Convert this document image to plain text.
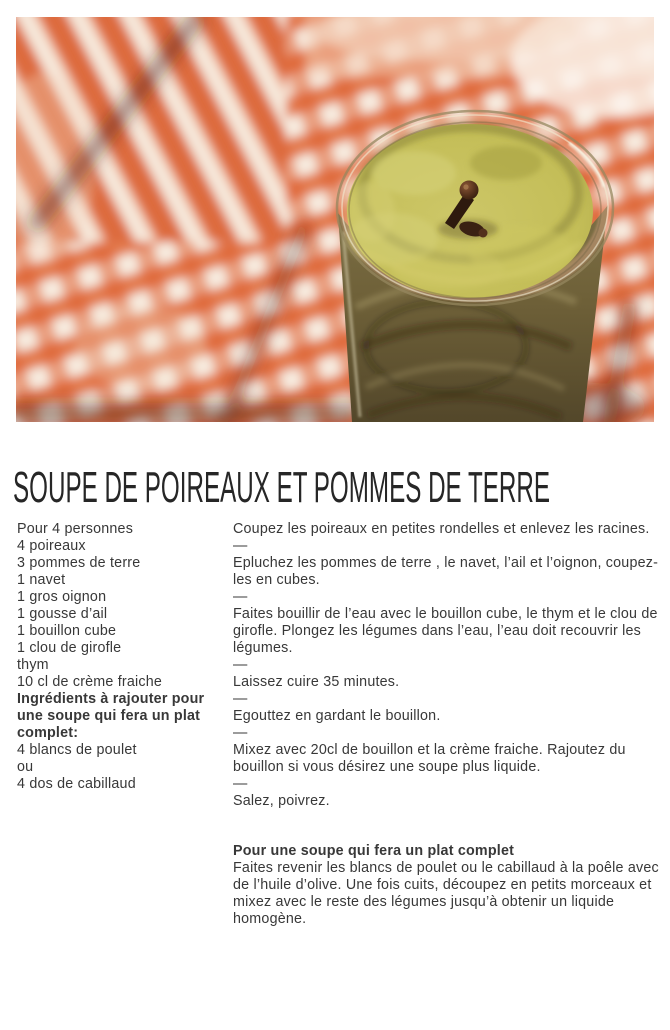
SOUPE DE POIREAUX ET POMMES DE TERRE

Pour 4 personnes

4 poireaux

3 pommes de terre

1 navet

1 gros oignon

1 gousse d’ail

1 bouillon cube

1 clou de girofle

thym

10 cl de crème fraiche

Ingrédients à rajouter pour une soupe qui fera un plat complet:

4 blancs de poulet

ou

4 dos de cabillaud

Coupez les poireaux en petites rondelles et enlevez les racines.

—

Epluchez les pommes de terre , le navet, l’ail et l’oignon, coupez-les en cubes.

—

Faites bouillir de l’eau avec le bouillon cube, le thym et le clou de girofle. Plongez les légumes dans l’eau, l’eau doit recouvrir les légumes.

—

Laissez cuire 35 minutes.

—

Egouttez en gardant le bouillon.

—

Mixez avec 20cl de bouillon et la crème fraiche. Rajoutez du bouillon si vous désirez une soupe plus liquide.

—

Salez, poivrez.

Pour une soupe qui fera un plat complet

Faites revenir les blancs de poulet ou le cabillaud à la poêle avec de l’huile d’olive. Une fois cuits, découpez en petits morceaux et mixez avec le reste des légumes jusqu’à obtenir un liquide homogène.
